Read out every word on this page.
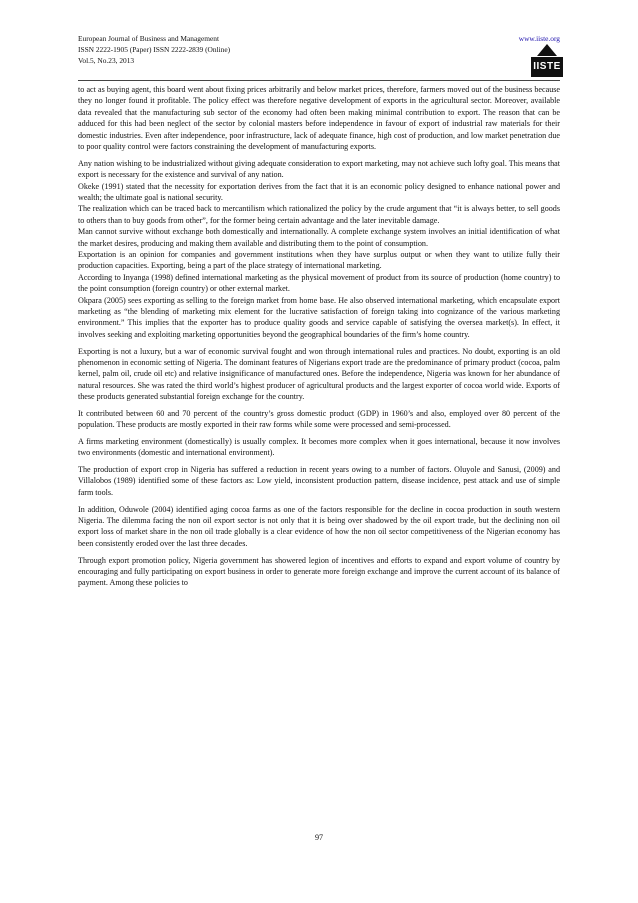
European Journal of Business and Management
ISSN 2222-1905 (Paper) ISSN 2222-2839 (Online)
Vol.5, No.23, 2013
www.iiste.org
IISTE

to act as buying agent, this board went about fixing prices arbitrarily and below market prices, therefore, farmers moved out of the business because they no longer found it profitable. The policy effect was therefore negative development of exports in the agricultural sector. Moreover, available data revealed that the manufacturing sub sector of the economy had often been making minimal contribution to export. The reason that can be adduced for this had been neglect of the sector by colonial masters before independence in favour of export of industrial raw materials for their domestic industries. Even after independence, poor infrastructure, lack of adequate finance, high cost of production, and low market penetration due to poor quality control were factors constraining the development of manufacturing exports.

Any nation wishing to be industrialized without giving adequate consideration to export marketing, may not achieve such lofty goal. This means that export is necessary for the existence and survival of any nation.

Okeke (1991) stated that the necessity for exportation derives from the fact that it is an economic policy designed to enhance national power and wealth; the ultimate goal is national security.

The realization which can be traced back to mercantilism which rationalized the policy by the crude argument that “it is always better, to sell goods to others than to buy goods from other”, for the former being certain advantage and the later inevitable damage.

Man cannot survive without exchange both domestically and internationally. A complete exchange system involves an initial identification of what the market desires, producing and making them available and distributing them to the point of consumption.

Exportation is an opinion for companies and government institutions when they have surplus output or when they want to utilize fully their production capacities. Exporting, being a part of the place strategy of international marketing.

According to Inyanga (1998) defined international marketing as the physical movement of product from its source of production (home country) to the point consumption (foreign country) or other external market.

Okpara (2005) sees exporting as selling to the foreign market from home base. He also observed international marketing, which encapsulate export marketing as “the blending of marketing mix element for the lucrative satisfaction of foreign taking into cognizance of the various marketing environment.” This implies that the exporter has to produce quality goods and service capable of satisfying the oversea market(s). In effect, it involves seeking and exploiting marketing opportunities beyond the geographical boundaries of the firm’s home country.

Exporting is not a luxury, but a war of economic survival fought and won through international rules and practices. No doubt, exporting is an old phenomenon in economic setting of Nigeria. The dominant features of Nigerians export trade are the predominance of primary product (cocoa, palm kernel, palm oil, crude oil etc) and relative insignificance of manufactured ones. Before the independence, Nigeria was known for her abundance of natural resources. She was rated the third world’s highest producer of agricultural products and the largest exporter of cocoa world wide. Exports of these products generated substantial foreign exchange for the country.

It contributed between 60 and 70 percent of the country’s gross domestic product (GDP) in 1960’s and also, employed over 80 percent of the population. These products are mostly exported in their raw forms while some were processed and semi-processed.

A firms marketing environment (domestically) is usually complex. It becomes more complex when it goes international, because it now involves two environments (domestic and international environment).

The production of export crop in Nigeria has suffered a reduction in recent years owing to a number of factors. Oluyole and Sanusi, (2009) and Villalobos (1989) identified some of these factors as: Low yield, inconsistent production pattern, disease incidence, pest attack and use of simple farm tools.

In addition, Oduwole (2004) identified aging cocoa farms as one of the factors responsible for the decline in cocoa production in south western Nigeria. The dilemma facing the non oil export sector is not only that it is being over shadowed by the oil export trade, but the declining non oil export loss of market share in the non oil trade globally is a clear evidence of how the non oil sector competitiveness of the Nigerian economy has been consistently eroded over the last three decades.

Through export promotion policy, Nigeria government has showered legion of incentives and efforts to expand and export volume of country by encouraging and fully participating on export business in order to generate more foreign exchange and improve the current account of its balance of payment. Among these policies to

97
